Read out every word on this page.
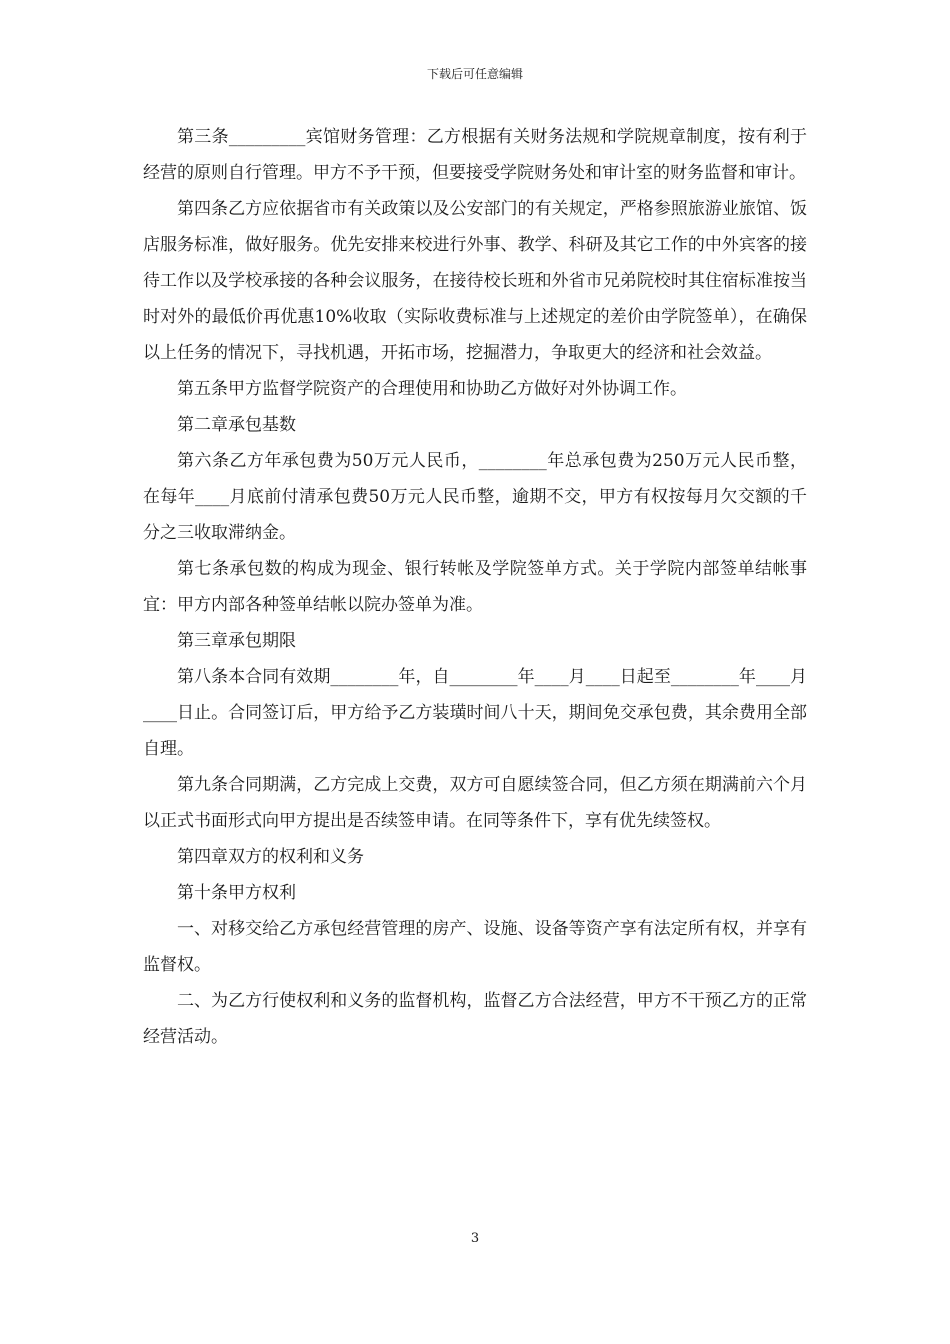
下载后可任意编辑

第三条_________宾馆财务管理：乙方根据有关财务法规和学院规章制度，按有利于经营的原则自行管理。甲方不予干预，但要接受学院财务处和审计室的财务监督和审计。

第四条乙方应依据省市有关政策以及公安部门的有关规定，严格参照旅游业旅馆、饭店服务标准，做好服务。优先安排来校进行外事、教学、科研及其它工作的中外宾客的接待工作以及学校承接的各种会议服务，在接待校长班和外省市兄弟院校时其住宿标准按当时对外的最低价再优惠10%收取（实际收费标准与上述规定的差价由学院签单），在确保以上任务的情况下，寻找机遇，开拓市场，挖掘潜力，争取更大的经济和社会效益。

第五条甲方监督学院资产的合理使用和协助乙方做好对外协调工作。

第二章承包基数

第六条乙方年承包费为50万元人民币，________年总承包费为250万元人民币整，在每年____月底前付清承包费50万元人民币整，逾期不交，甲方有权按每月欠交额的千分之三收取滞纳金。

第七条承包数的构成为现金、银行转帐及学院签单方式。关于学院内部签单结帐事宜：甲方内部各种签单结帐以院办签单为准。

第三章承包期限

第八条本合同有效期________年，自________年____月____日起至________年____月____日止。合同签订后，甲方给予乙方装璜时间八十天，期间免交承包费，其余费用全部自理。

第九条合同期满，乙方完成上交费，双方可自愿续签合同，但乙方须在期满前六个月以正式书面形式向甲方提出是否续签申请。在同等条件下，享有优先续签权。

第四章双方的权利和义务

第十条甲方权利

一、对移交给乙方承包经营管理的房产、设施、设备等资产享有法定所有权，并享有监督权。

二、为乙方行使权利和义务的监督机构，监督乙方合法经营，甲方不干预乙方的正常经营活动。

3
